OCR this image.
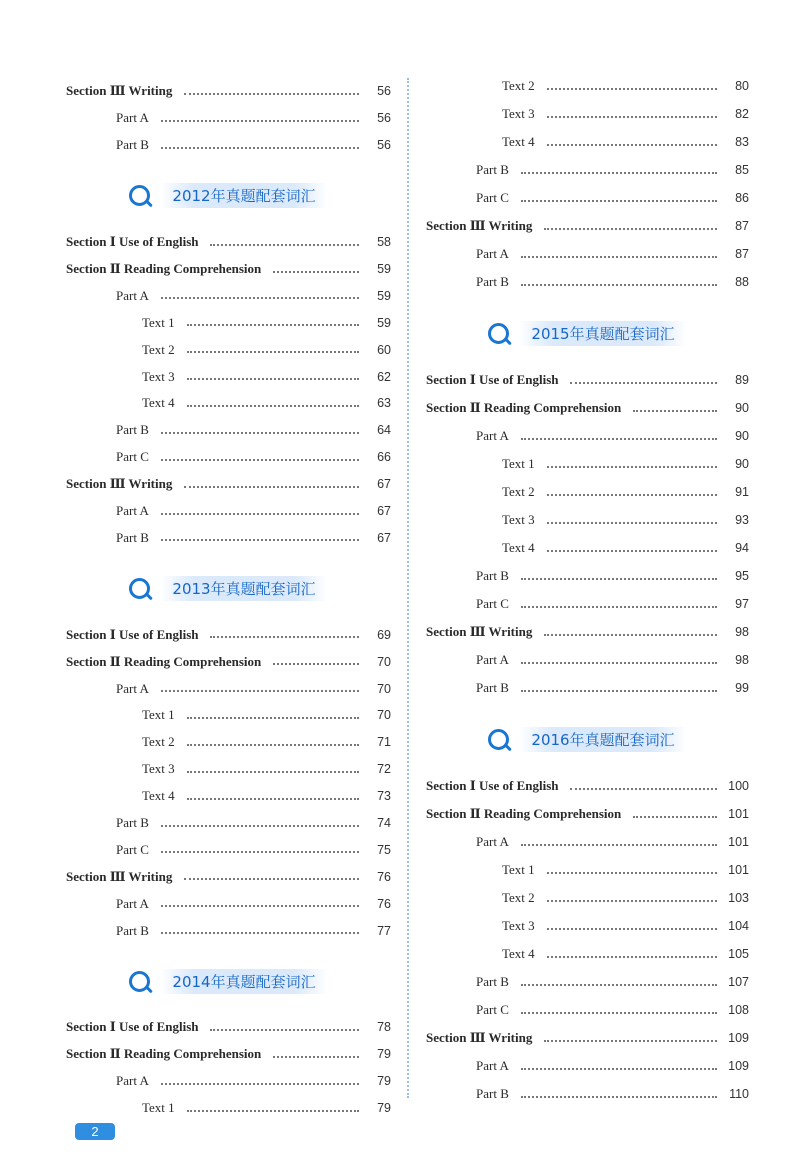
Section Ⅲ Writing	56
Part A	56
Part B	56
2012年真题配套词汇
Section Ⅰ Use of English	58
Section Ⅱ Reading Comprehension	59
Part A	59
Text 1	59
Text 2	60
Text 3	62
Text 4	63
Part B	64
Part C	66
Section Ⅲ Writing	67
Part A	67
Part B	67
2013年真题配套词汇
Section Ⅰ Use of English	69
Section Ⅱ Reading Comprehension	70
Part A	70
Text 1	70
Text 2	71
Text 3	72
Text 4	73
Part B	74
Part C	75
Section Ⅲ Writing	76
Part A	76
Part B	77
2014年真题配套词汇
Section Ⅰ Use of English	78
Section Ⅱ Reading Comprehension	79
Part A	79
Text 1	79
Text 2	80
Text 3	82
Text 4	83
Part B	85
Part C	86
Section Ⅲ Writing	87
Part A	87
Part B	88
2015年真题配套词汇
Section Ⅰ Use of English	89
Section Ⅱ Reading Comprehension	90
Part A	90
Text 1	90
Text 2	91
Text 3	93
Text 4	94
Part B	95
Part C	97
Section Ⅲ Writing	98
Part A	98
Part B	99
2016年真题配套词汇
Section Ⅰ Use of English	100
Section Ⅱ Reading Comprehension	101
Part A	101
Text 1	101
Text 2	103
Text 3	104
Text 4	105
Part B	107
Part C	108
Section Ⅲ Writing	109
Part A	109
Part B	110
2
